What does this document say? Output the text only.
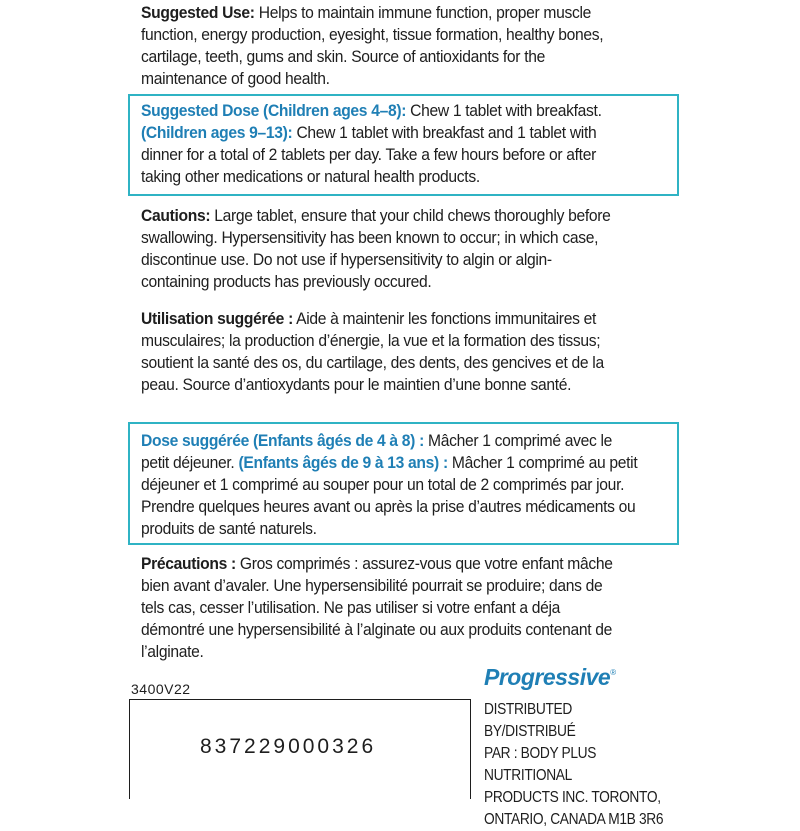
Suggested Use: Helps to maintain immune function, proper muscle function, energy production, eyesight, tissue formation, healthy bones, cartilage, teeth, gums and skin. Source of antioxidants for the maintenance of good health.
Suggested Dose (Children ages 4–8): Chew 1 tablet with breakfast. (Children ages 9–13): Chew 1 tablet with breakfast and 1 tablet with dinner for a total of 2 tablets per day. Take a few hours before or after taking other medications or natural health products.
Cautions: Large tablet, ensure that your child chews thoroughly before swallowing. Hypersensitivity has been known to occur; in which case, discontinue use. Do not use if hypersensitivity to algin or algin-containing products has previously occured.
Utilisation suggérée : Aide à maintenir les fonctions immunitaires et musculaires; la production d’énergie, la vue et la formation des tissus; soutient la santé des os, du cartilage, des dents, des gencives et de la peau. Source d’antioxydants pour le maintien d’une bonne santé.
Dose suggérée (Enfants âgés de 4 à 8) : Mâcher 1 comprimé avec le petit déjeuner. (Enfants âgés de 9 à 13 ans) : Mâcher 1 comprimé au petit déjeuner et 1 comprimé au souper pour un total de 2 comprimés par jour. Prendre quelques heures avant ou après la prise d’autres médicaments ou produits de santé naturels.
Précautions : Gros comprimés : assurez-vous que votre enfant mâche bien avant d’avaler. Une hypersensibilité pourrait se produire; dans de tels cas, cesser l’utilisation. Ne pas utiliser si votre enfant a déja démontré une hypersensibilité à l’alginate ou aux produits contenant de l’alginate.
Progressive®
3400V22
837229000326
DISTRIBUTED BY/DISTRIBUÉ
PAR : BODY PLUS NUTRITIONAL
PRODUCTS INC. TORONTO,
ONTARIO, CANADA M1B 3R6
